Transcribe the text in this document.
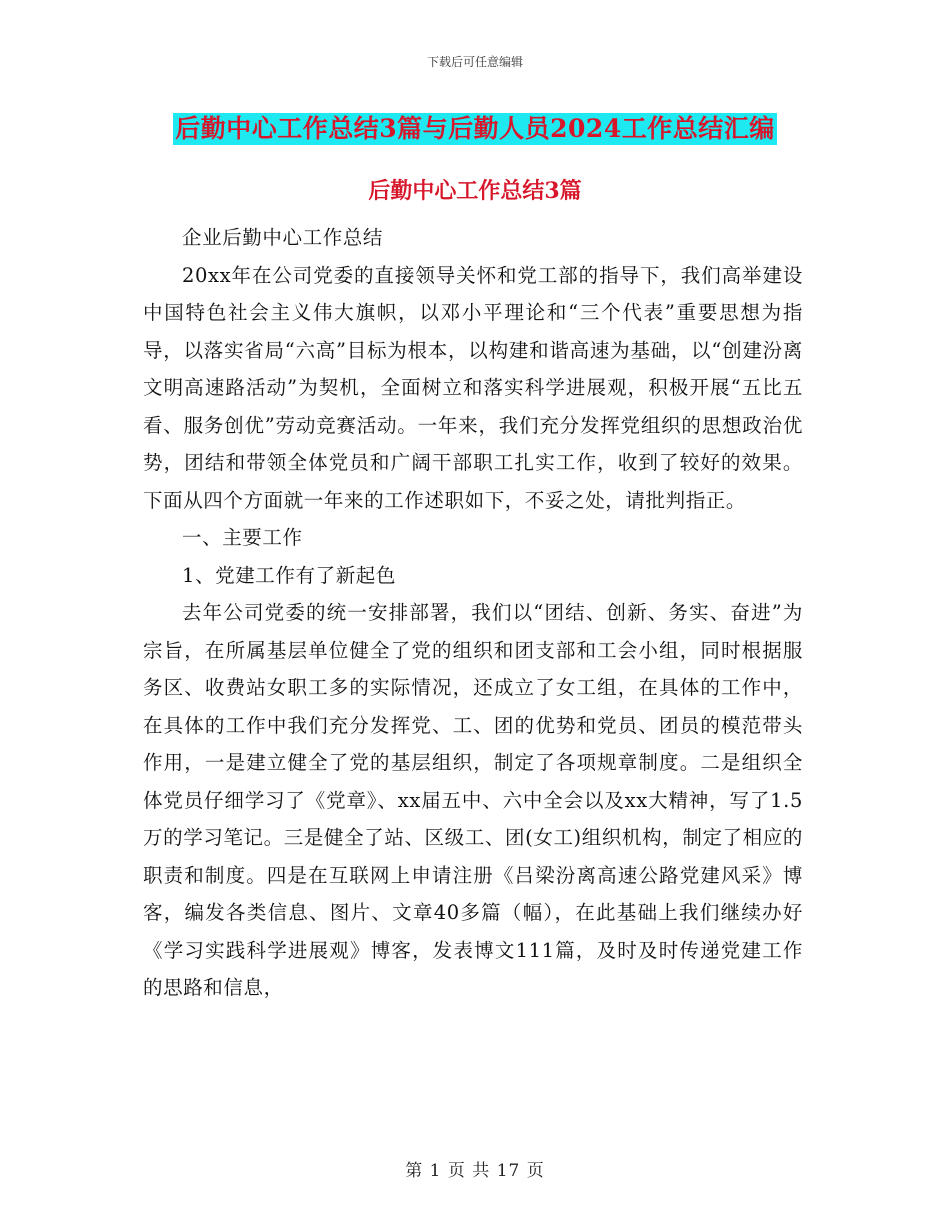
下载后可任意编辑
后勤中心工作总结3篇与后勤人员2024工作总结汇编
后勤中心工作总结3篇

企业后勤中心工作总结

20xx年在公司党委的直接领导关怀和党工部的指导下，我们高举建设中国特色社会主义伟大旗帜，以邓小平理论和“三个代表”重要思想为指导，以落实省局“六高”目标为根本，以构建和谐高速为基础，以“创建汾离文明高速路活动”为契机，全面树立和落实科学进展观，积极开展“五比五看、服务创优”劳动竞赛活动。一年来，我们充分发挥党组织的思想政治优势，团结和带领全体党员和广阔干部职工扎实工作，收到了较好的效果。下面从四个方面就一年来的工作述职如下，不妥之处，请批判指正。

一、主要工作

1、党建工作有了新起色

去年公司党委的统一安排部署，我们以“团结、创新、务实、奋进”为宗旨，在所属基层单位健全了党的组织和团支部和工会小组，同时根据服务区、收费站女职工多的实际情况，还成立了女工组，在具体的工作中，在具体的工作中我们充分发挥党、工、团的优势和党员、团员的模范带头作用，一是建立健全了党的基层组织，制定了各项规章制度。二是组织全体党员仔细学习了《党章》、xx届五中、六中全会以及xx大精神，写了1.5万的学习笔记。三是健全了站、区级工、团(女工)组织机构，制定了相应的职责和制度。四是在互联网上申请注册《吕梁汾离高速公路党建风采》博客，编发各类信息、图片、文章40多篇（幅），在此基础上我们继续办好《学习实践科学进展观》博客，发表博文111篇，及时及时传递党建工作的思路和信息，

第 1 页 共 17 页
